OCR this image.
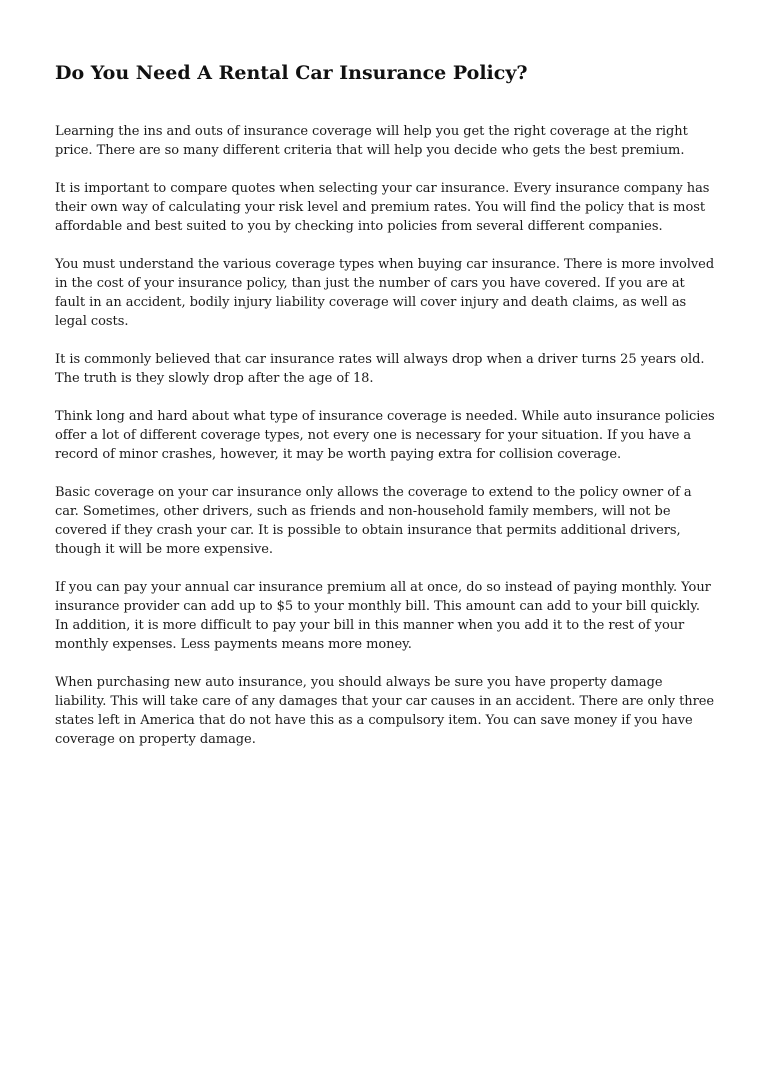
Do You Need A Rental Car Insurance Policy?

Learning the ins and outs of insurance coverage will help you get the right coverage at the right price. There are so many different criteria that will help you decide who gets the best premium.

It is important to compare quotes when selecting your car insurance. Every insurance company has their own way of calculating your risk level and premium rates. You will find the policy that is most affordable and best suited to you by checking into policies from several different companies.

You must understand the various coverage types when buying car insurance. There is more involved in the cost of your insurance policy, than just the number of cars you have covered. If you are at fault in an accident, bodily injury liability coverage will cover injury and death claims, as well as legal costs.

It is commonly believed that car insurance rates will always drop when a driver turns 25 years old. The truth is they slowly drop after the age of 18.

Think long and hard about what type of insurance coverage is needed. While auto insurance policies offer a lot of different coverage types, not every one is necessary for your situation. If you have a record of minor crashes, however, it may be worth paying extra for collision coverage.

Basic coverage on your car insurance only allows the coverage to extend to the policy owner of a car. Sometimes, other drivers, such as friends and non-household family members, will not be covered if they crash your car. It is possible to obtain insurance that permits additional drivers, though it will be more expensive.

If you can pay your annual car insurance premium all at once, do so instead of paying monthly. Your insurance provider can add up to $5 to your monthly bill. This amount can add to your bill quickly. In addition, it is more difficult to pay your bill in this manner when you add it to the rest of your monthly expenses. Less payments means more money.

When purchasing new auto insurance, you should always be sure you have property damage liability. This will take care of any damages that your car causes in an accident. There are only three states left in America that do not have this as a compulsory item. You can save money if you have coverage on property damage.
